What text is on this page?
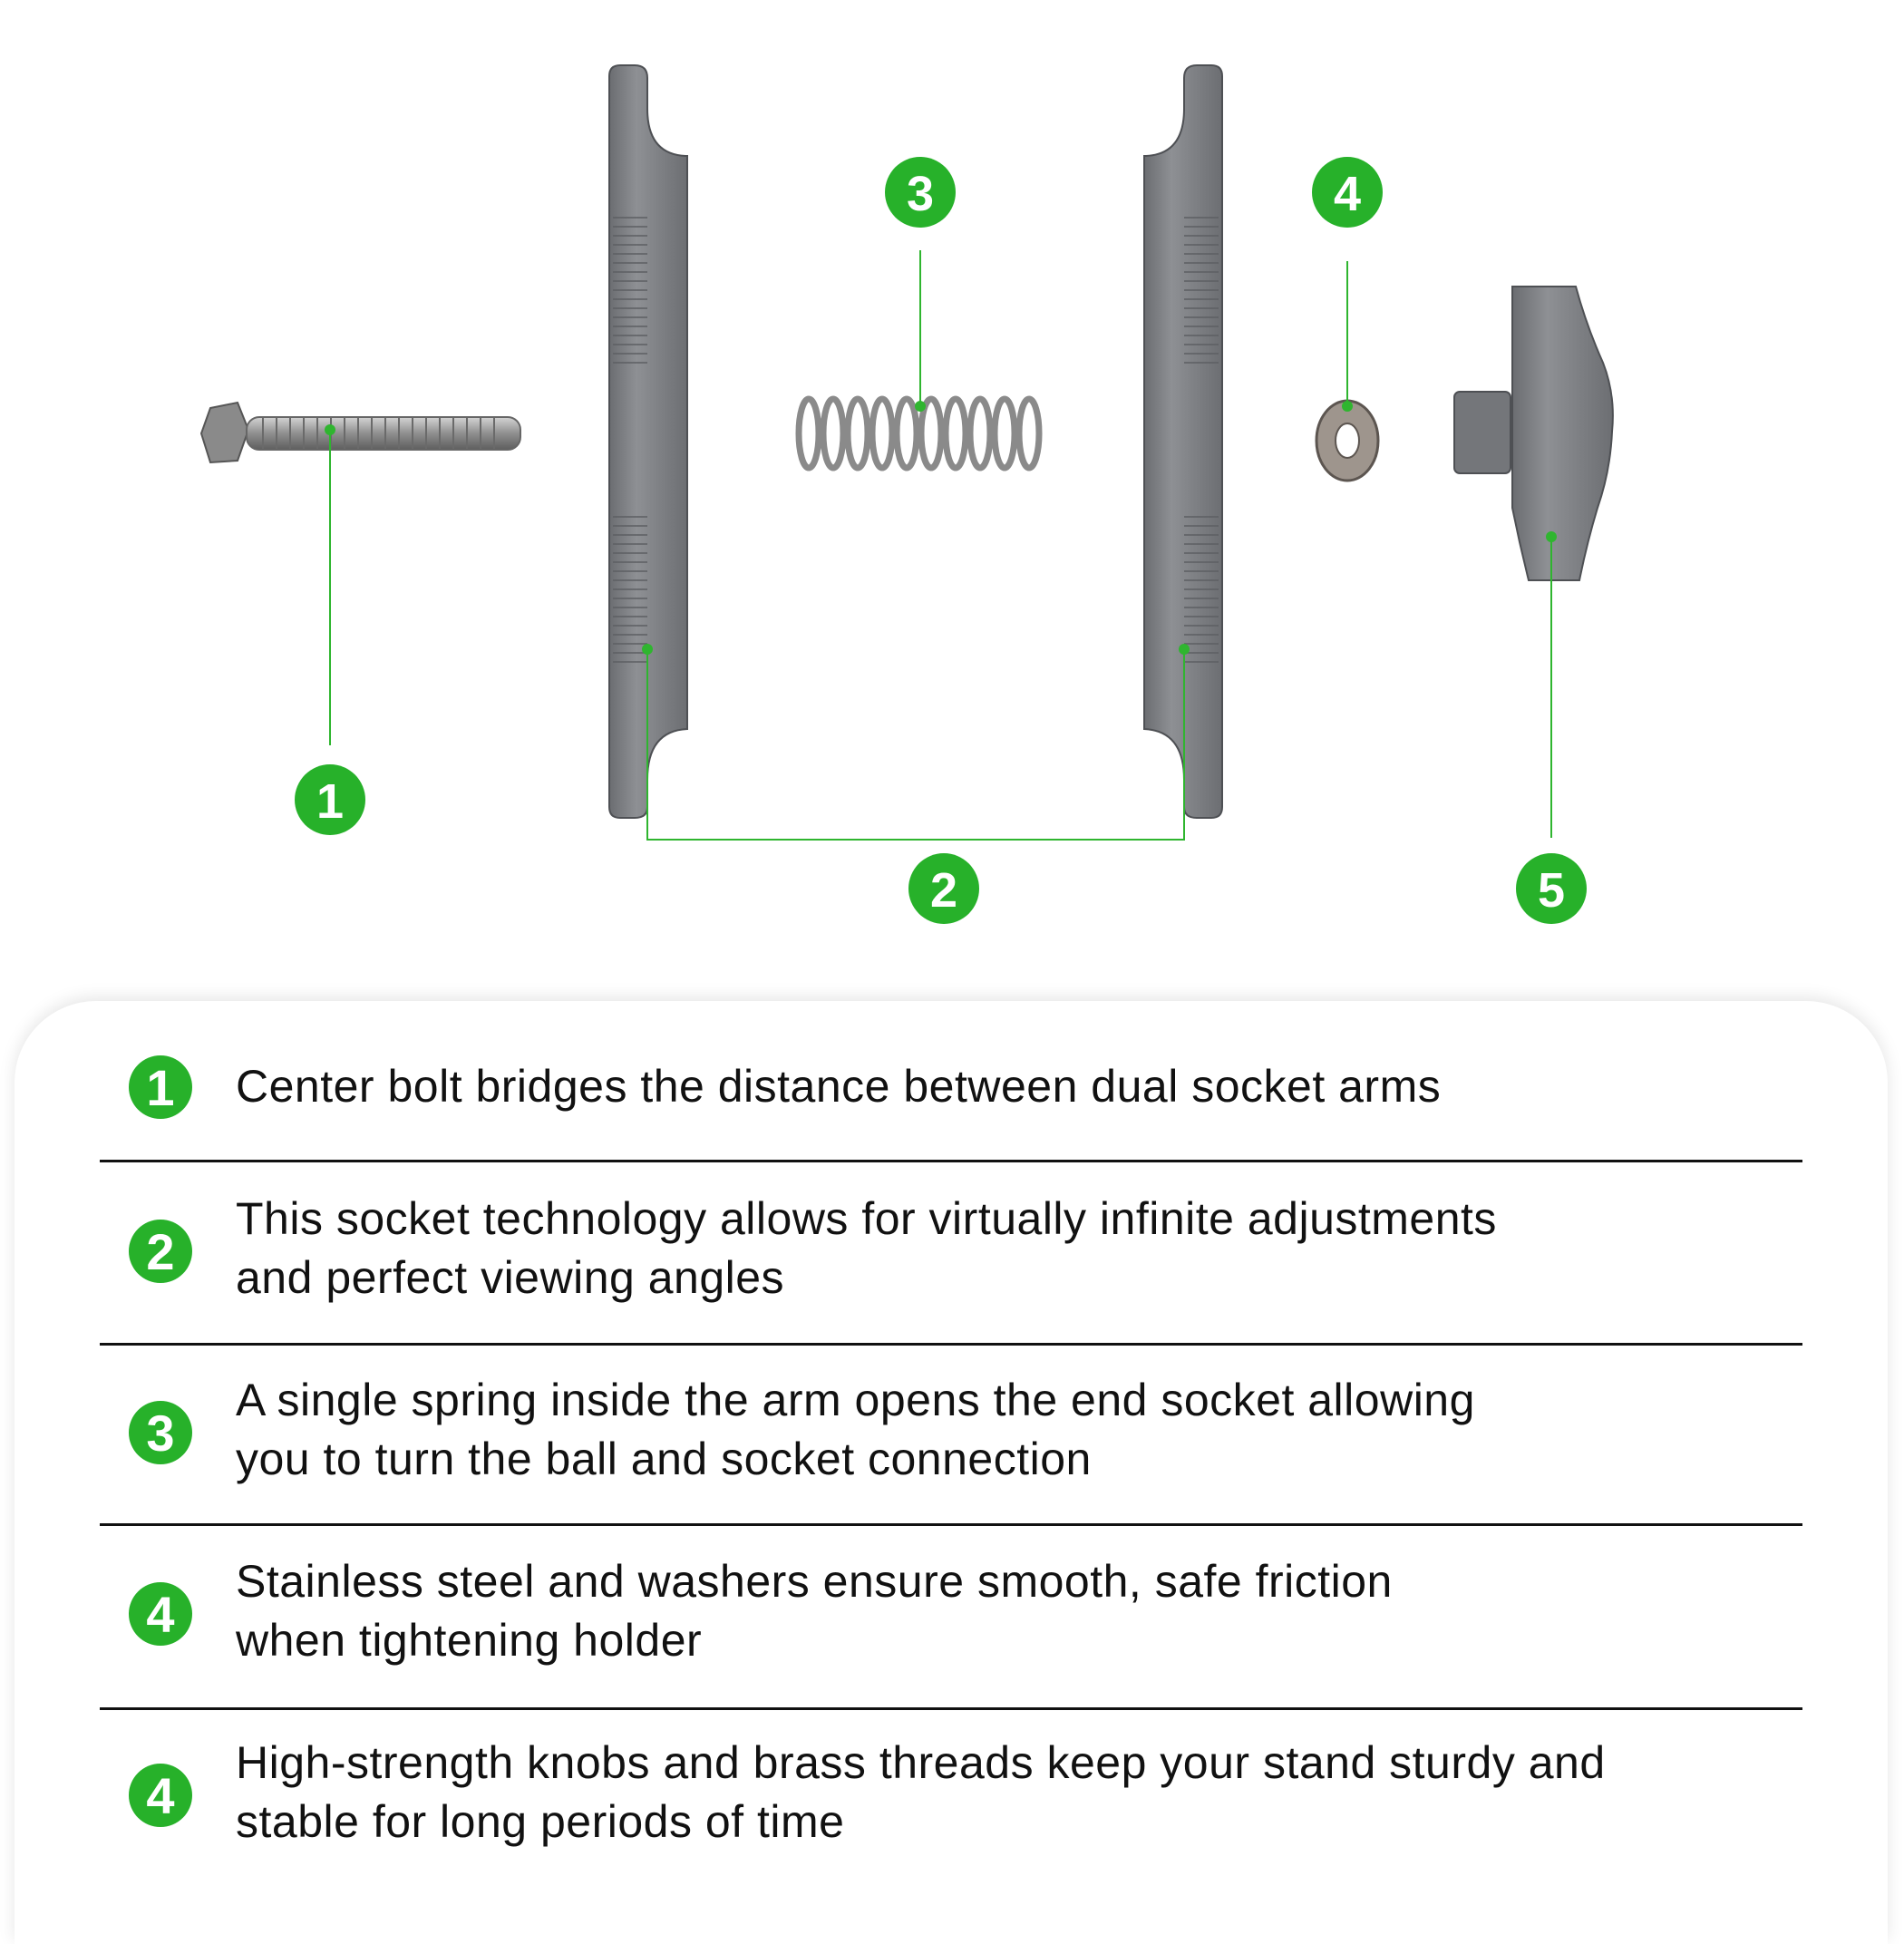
1
2
3	4
5
1	Center bolt bridges the distance between dual socket arms
2
This socket technology allows for virtually infinite adjustments
and perfect viewing angles
3
A single spring inside the arm opens the end socket allowing
you to turn the ball and socket connection
4
Stainless steel and washers ensure smooth, safe friction
when tightening holder
4
High-strength knobs and brass threads keep your stand sturdy and
stable for long periods of time
